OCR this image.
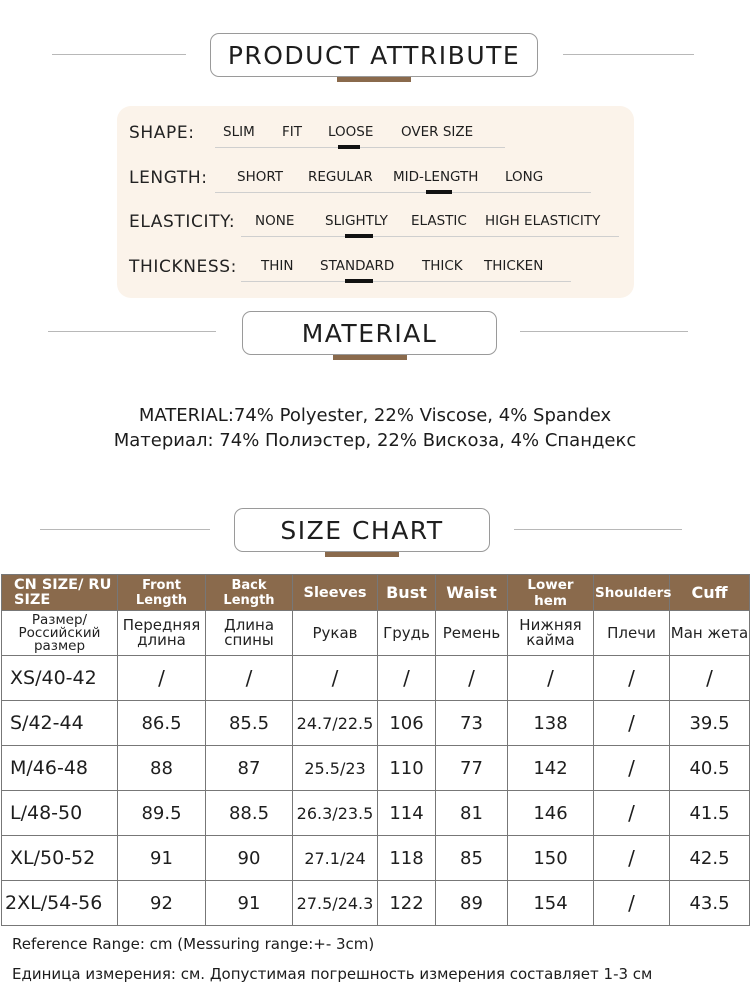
PRODUCT ATTRIBUTE
SHAPE: SLIM FIT LOOSE OVER SIZE
LENGTH: SHORT REGULAR MID-LENGTH LONG
ELASTICITY: NONE SLIGHTLY ELASTIC HIGH ELASTICITY
THICKNESS: THIN STANDARD THICK THICKEN
MATERIAL
MATERIAL:74% Polyester, 22% Viscose, 4% Spandex
Материал: 74% Полиэстер, 22% Вискоза, 4% Спандекс
SIZE CHART
CN SIZE/ RU SIZE	Front Length	Back Length	Sleeves	Bust	Waist	Lower hem	Shoulders	Cuff
Размер/ Российский размер	Передняя длина	Длина спины	Рукав	Грудь	Ремень	Нижняя кайма	Плечи	Ман жета
XS/40-42	/	/	/	/	/	/	/	/
S/42-44	86.5	85.5	24.7/22.5	106	73	138	/	39.5
M/46-48	88	87	25.5/23	110	77	142	/	40.5
L/48-50	89.5	88.5	26.3/23.5	114	81	146	/	41.5
XL/50-52	91	90	27.1/24	118	85	150	/	42.5
2XL/54-56	92	91	27.5/24.3	122	89	154	/	43.5
Reference Range: cm (Messuring range:+- 3cm)
Единица измерения: см. Допустимая погрешность измерения составляет 1-3 см
